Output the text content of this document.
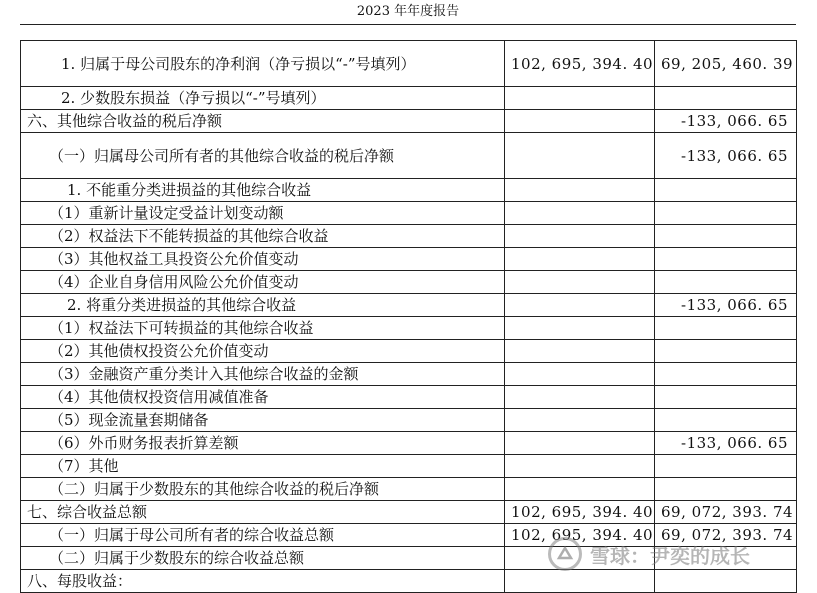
2023 年年度报告
1. 归属于母公司股东的净利润（净亏损以“-”号填列）	102, 695, 394. 40	69, 205, 460. 39
2. 少数股东损益（净亏损以“-”号填列）		
六、其他综合收益的税后净额		-133, 066. 65
（一）归属母公司所有者的其他综合收益的税后净额		-133, 066. 65
1. 不能重分类进损益的其他综合收益		
（1）重新计量设定受益计划变动额		
（2）权益法下不能转损益的其他综合收益		
（3）其他权益工具投资公允价值变动		
（4）企业自身信用风险公允价值变动		
2. 将重分类进损益的其他综合收益		-133, 066. 65
（1）权益法下可转损益的其他综合收益		
（2）其他债权投资公允价值变动		
（3）金融资产重分类计入其他综合收益的金额		
（4）其他债权投资信用减值准备		
（5）现金流量套期储备		
（6）外币财务报表折算差额		-133, 066. 65
（7）其他		
（二）归属于少数股东的其他综合收益的税后净额		
七、综合收益总额	102, 695, 394. 40	69, 072, 393. 74
（一）归属于母公司所有者的综合收益总额	102, 695, 394. 40	69, 072, 393. 74
（二）归属于少数股东的综合收益总额		
八、每股收益：		
雪球：尹奕的成长
